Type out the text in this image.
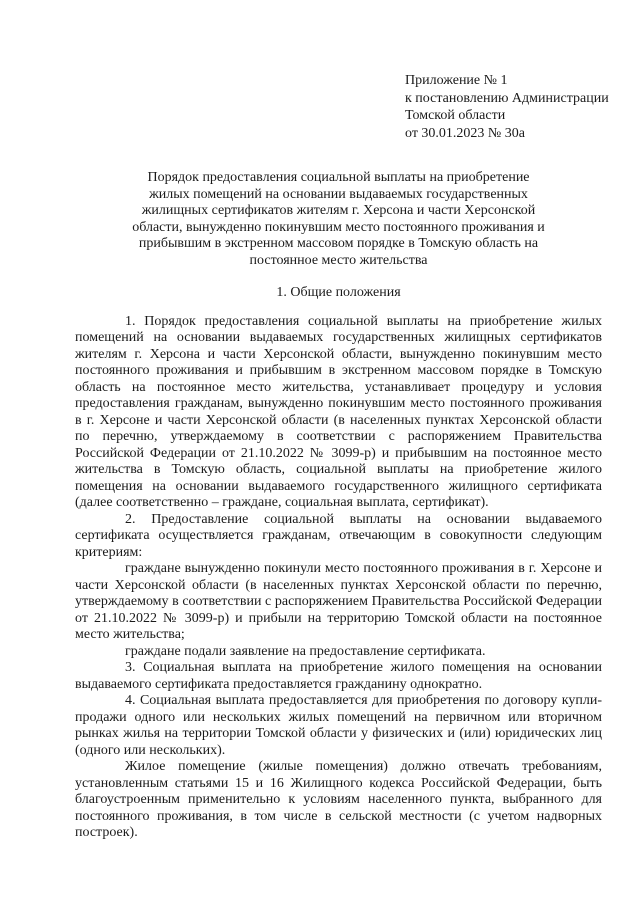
Приложение № 1
к постановлению Администрации
Томской области
от 30.01.2023 № 30а
Порядок предоставления социальной выплаты на приобретение жилых помещений на основании выдаваемых государственных жилищных сертификатов жителям г. Херсона и части Херсонской области, вынужденно покинувшим место постоянного проживания и прибывшим в экстренном массовом порядке в Томскую область на постоянное место жительства
1. Общие положения

1. Порядок предоставления социальной выплаты на приобретение жилых помещений на основании выдаваемых государственных жилищных сертификатов жителям г. Херсона и части Херсонской области, вынужденно покинувшим место постоянного проживания и прибывшим в экстренном массовом порядке в Томскую область на постоянное место жительства, устанавливает процедуру и условия предоставления гражданам, вынужденно покинувшим место постоянного проживания в г. Херсоне и части Херсонской области (в населенных пунктах Херсонской области по перечню, утверждаемому в соответствии с распоряжением Правительства Российской Федерации от 21.10.2022 № 3099-р) и прибывшим на постоянное место жительства в Томскую область, социальной выплаты на приобретение жилого помещения на основании выдаваемого государственного жилищного сертификата (далее соответственно – граждане, социальная выплата, сертификат).

2. Предоставление социальной выплаты на основании выдаваемого сертификата осуществляется гражданам, отвечающим в совокупности следующим критериям:

граждане вынужденно покинули место постоянного проживания в г. Херсоне и части Херсонской области (в населенных пунктах Херсонской области по перечню, утверждаемому в соответствии с распоряжением Правительства Российской Федерации от 21.10.2022 № 3099-р) и прибыли на территорию Томской области на постоянное место жительства;

граждане подали заявление на предоставление сертификата.

3. Социальная выплата на приобретение жилого помещения на основании выдаваемого сертификата предоставляется гражданину однократно.

4. Социальная выплата предоставляется для приобретения по договору купли-продажи одного или нескольких жилых помещений на первичном или вторичном рынках жилья на территории Томской области у физических и (или) юридических лиц (одного или нескольких).

Жилое помещение (жилые помещения) должно отвечать требованиям, установленным статьями 15 и 16 Жилищного кодекса Российской Федерации, быть благоустроенным применительно к условиям населенного пункта, выбранного для постоянного проживания, в том числе в сельской местности (с учетом надворных построек).
